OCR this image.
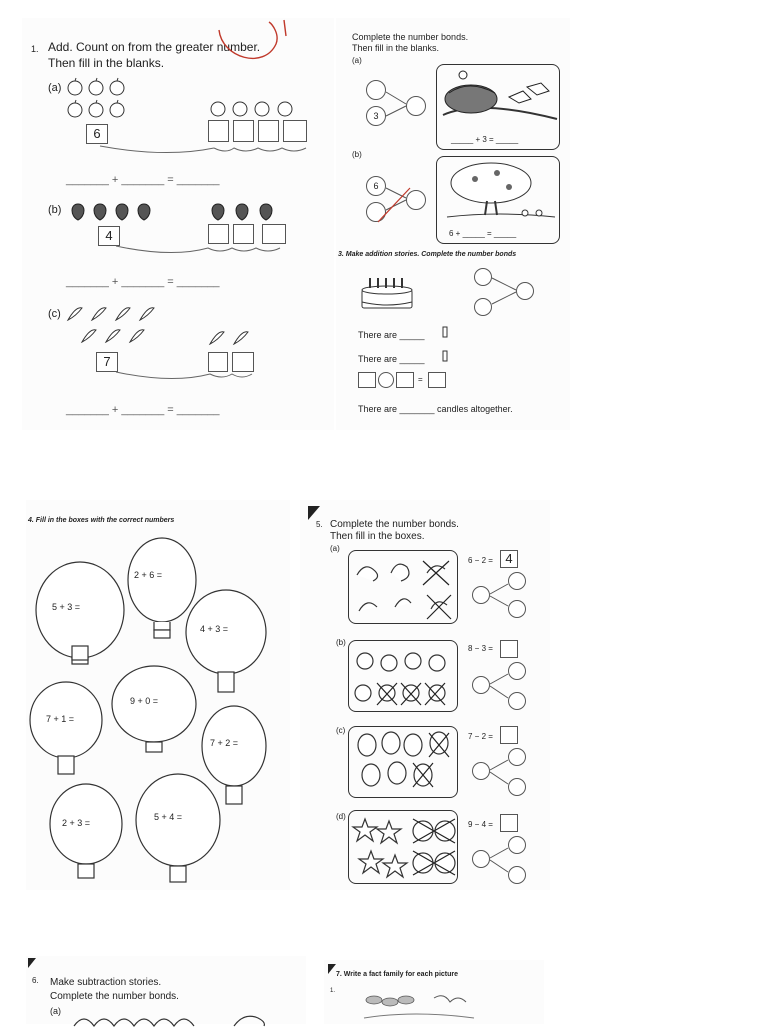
1. Add. Count on from the greater number.
Then fill in the blanks.
(a)
6
_______ + _______ = _______
(b)
4
_______ + _______ = _______
(c)
7
_______ + _______ = _______
Complete the number bonds.
Then fill in the blanks.
(a)
3
_____ + 3 = _____
(b)
6
6 + _____ = _____
3. Make addition stories. Complete the number bonds
There are _____
There are _____
=
There are _______ candles altogether.
4. Fill in the boxes with the correct numbers
2 + 6 =
5 + 3 =
4 + 3 =
9 + 0 =
7 + 1 =
7 + 2 =
2 + 3 =
5 + 4 =
5. Complete the number bonds.
Then fill in the boxes.
(a)
6 − 2 = 4
(b)
8 − 3 =
(c)
7 − 2 =
(d)
9 − 4 =
6. Make subtraction stories.
Complete the number bonds.
(a)
7. Write a fact family for each picture
1.
